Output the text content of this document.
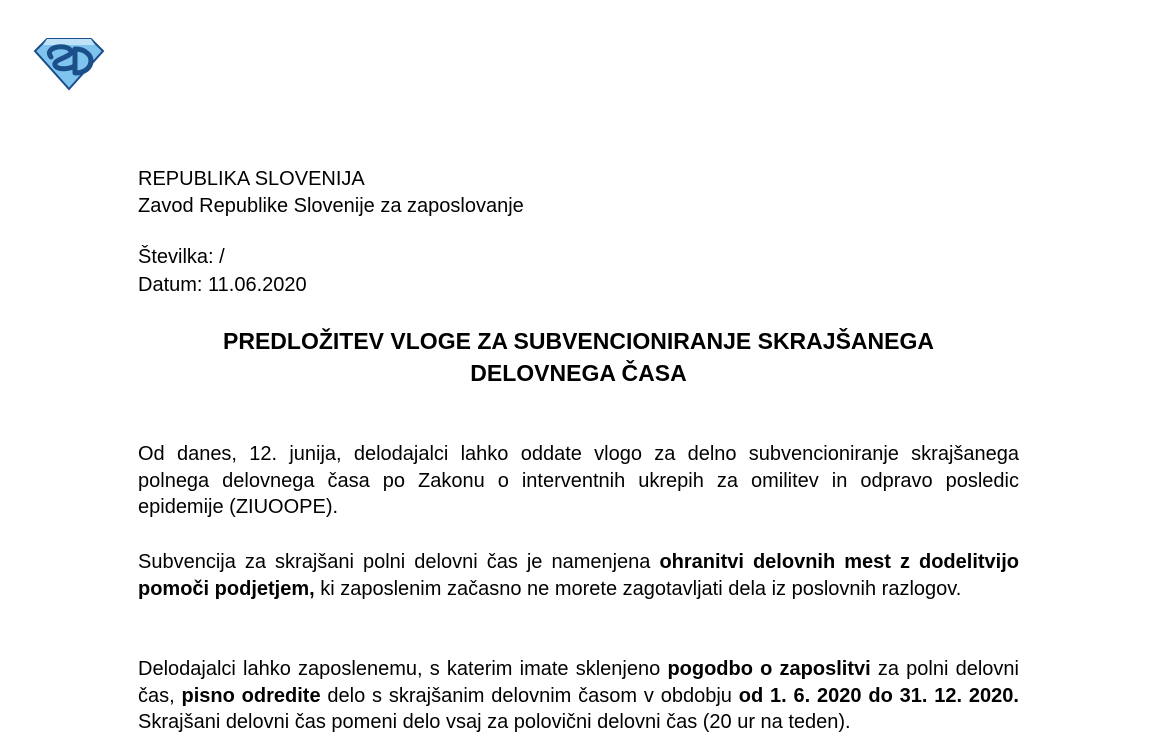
REPUBLIKA SLOVENIJA
Zavod Republike Slovenije za zaposlovanje
Številka: /
Datum: 11.06.2020
PREDLOŽITEV VLOGE ZA SUBVENCIONIRANJE SKRAJŠANEGA
DELOVNEGA ČASA

Od danes, 12. junija, delodajalci lahko oddate vlogo za delno subvencioniranje skrajšanega polnega delovnega časa po Zakonu o interventnih ukrepih za omilitev in odpravo posledic epidemije (ZIUOOPE).

Subvencija za skrajšani polni delovni čas je namenjena ohranitvi delovnih mest z dodelitvijo pomoči podjetjem, ki zaposlenim začasno ne morete zagotavljati dela iz poslovnih razlogov.

Delodajalci lahko zaposlenemu, s katerim imate sklenjeno pogodbo o zaposlitvi za polni delovni čas, pisno odredite delo s skrajšanim delovnim časom v obdobju od 1. 6. 2020 do 31. 12. 2020. Skrajšani delovni čas pomeni delo vsaj za polovični delovni čas (20 ur na teden).
